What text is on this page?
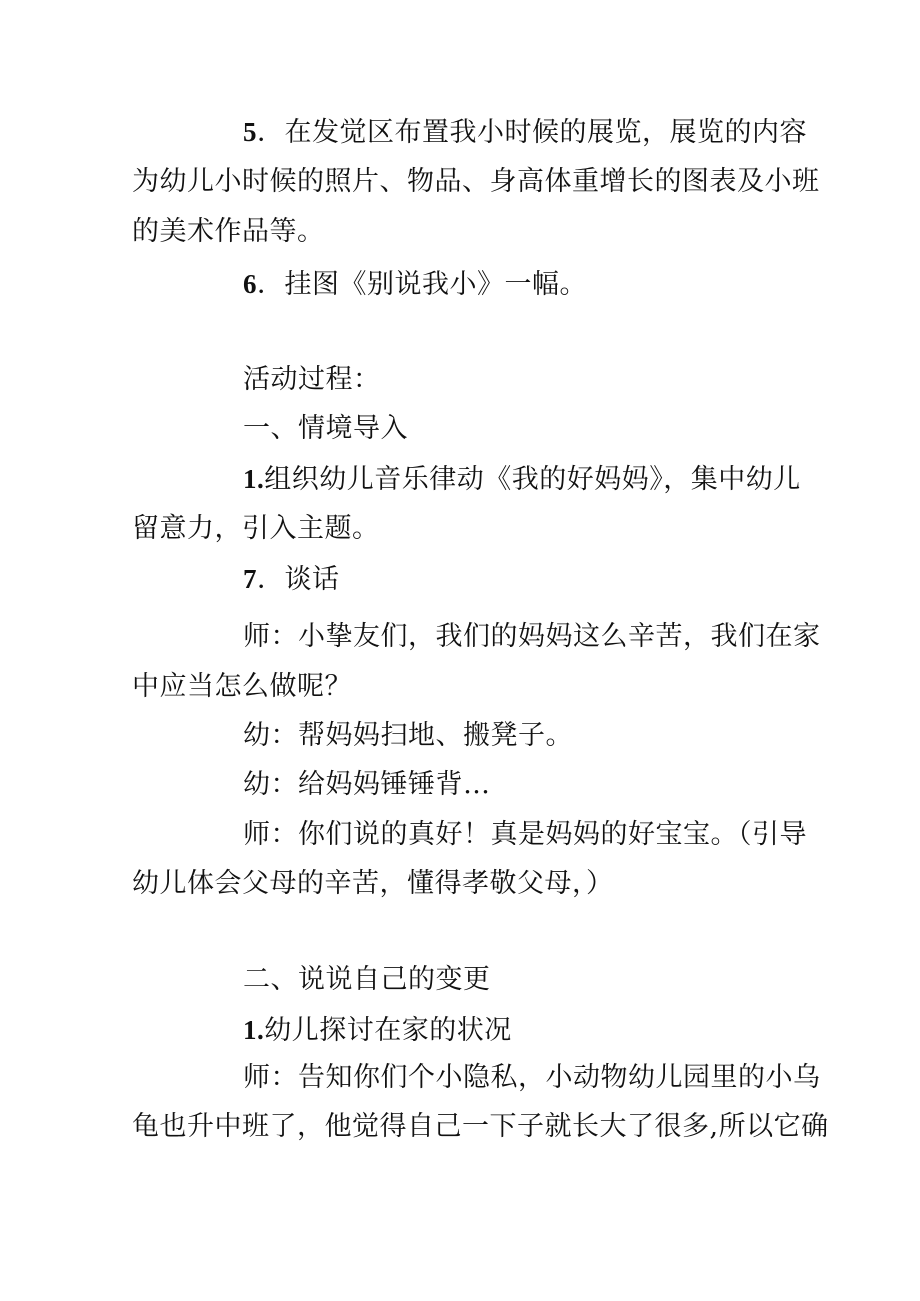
5．在发觉区布置我小时候的展览，展览的内容
为幼儿小时候的照片、物品、身高体重增长的图表及小班
的美术作品等。
6．挂图《别说我小》一幅。
活动过程：
一、情境导入
1.组织幼儿音乐律动《我的好妈妈》，集中幼儿
留意力，引入主题。
7．谈话
师：小挚友们，我们的妈妈这么辛苦，我们在家
中应当怎么做呢？
幼：帮妈妈扫地、搬凳子。
幼：给妈妈锤锤背…
师：你们说的真好！真是妈妈的好宝宝。（引导
幼儿体会父母的辛苦，懂得孝敬父母，）
二、说说自己的变更
1.幼儿探讨在家的状况
师：告知你们个小隐私，小动物幼儿园里的小乌
龟也升中班了，他觉得自己一下子就长大了很多,所以它确
